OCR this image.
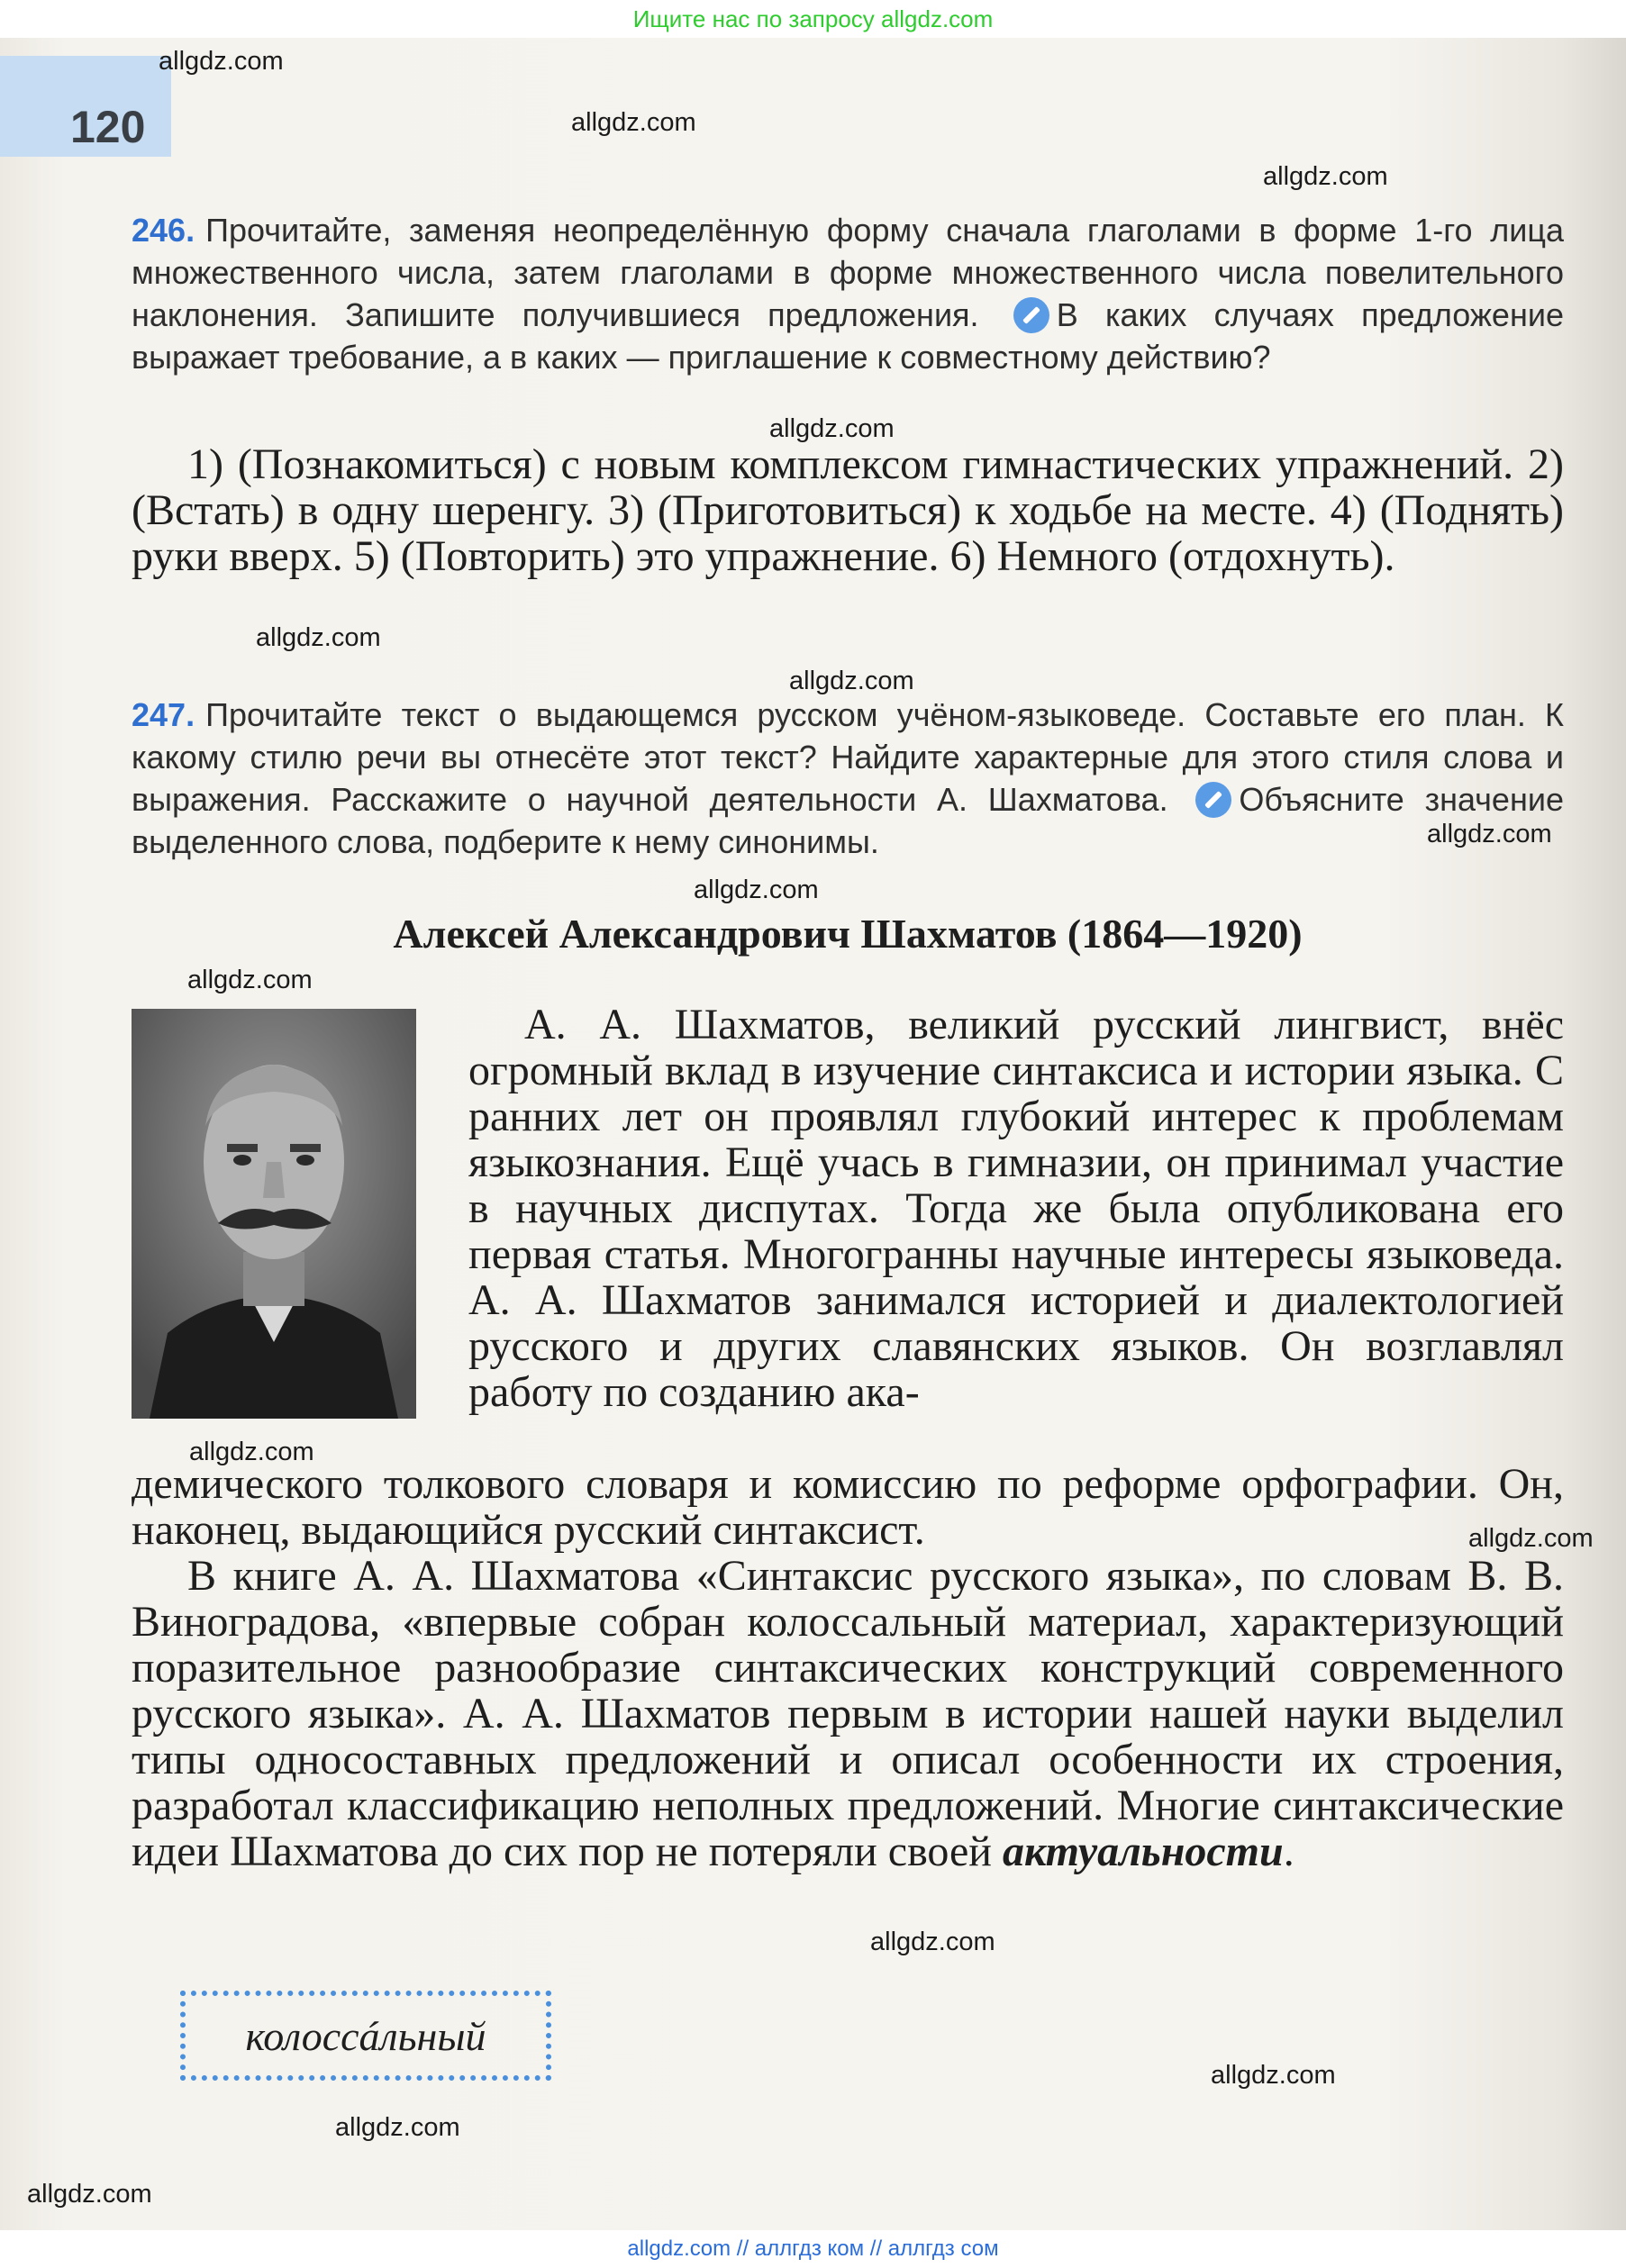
Ищите нас по запросу allgdz.com
120
allgdz.com
allgdz.com
allgdz.com
allgdz.com
allgdz.com
allgdz.com
allgdz.com
allgdz.com
allgdz.com
allgdz.com
allgdz.com
allgdz.com
allgdz.com
allgdz.com
allgdz.com
246. Прочитайте, заменяя неопределённую форму сначала глаголами в форме 1-го лица множественного числа, затем глаголами в форме множественного числа повелительного наклонения. Запишите получившиеся предложения. В каких случаях предложение выражает требование, а в каких — приглашение к совместному действию?

1) (Познакомиться) с новым комплексом гимнастических упражнений. 2) (Встать) в одну шеренгу. 3) (Приготовиться) к ходьбе на месте. 4) (Поднять) руки вверх. 5) (Повторить) это упражнение. 6) Немного (отдохнуть).

247. Прочитайте текст о выдающемся русском учёном-языковеде. Составьте его план. К какому стилю речи вы отнесёте этот текст? Найдите характерные для этого стиля слова и выражения. Расскажите о научной деятельности А. Шахматова. Объясните значение выделенного слова, подберите к нему синонимы.
Алексей Александрович Шахматов (1864—1920)

А. А. Шахматов, великий русский лингвист, внёс огромный вклад в изучение синтаксиса и истории языка. С ранних лет он проявлял глубокий интерес к проблемам языкознания. Ещё учась в гимназии, он принимал участие в научных диспутах. Тогда же была опубликована его первая статья. Многогранны научные интересы языковеда. А. А. Шахматов занимался историей и диалектологией русского и других славянских языков. Он возглавлял работу по созданию ака-

демического толкового словаря и комиссию по реформе орфографии. Он, наконец, выдающийся русский синтаксист.

В книге А. А. Шахматова «Синтаксис русского языка», по словам В. В. Виноградова, «впервые собран колоссальный материал, характеризующий поразительное разнообразие синтаксических конструкций современного русского языка». А. А. Шахматов первым в истории нашей науки выделил типы односоставных предложений и описал особенности их строения, разработал классификацию неполных предложений. Многие синтаксические идеи Шахматова до сих пор не потеряли своей актуальности.

колоссáльный
allgdz.com // аллгдз ком // аллгдз сом
